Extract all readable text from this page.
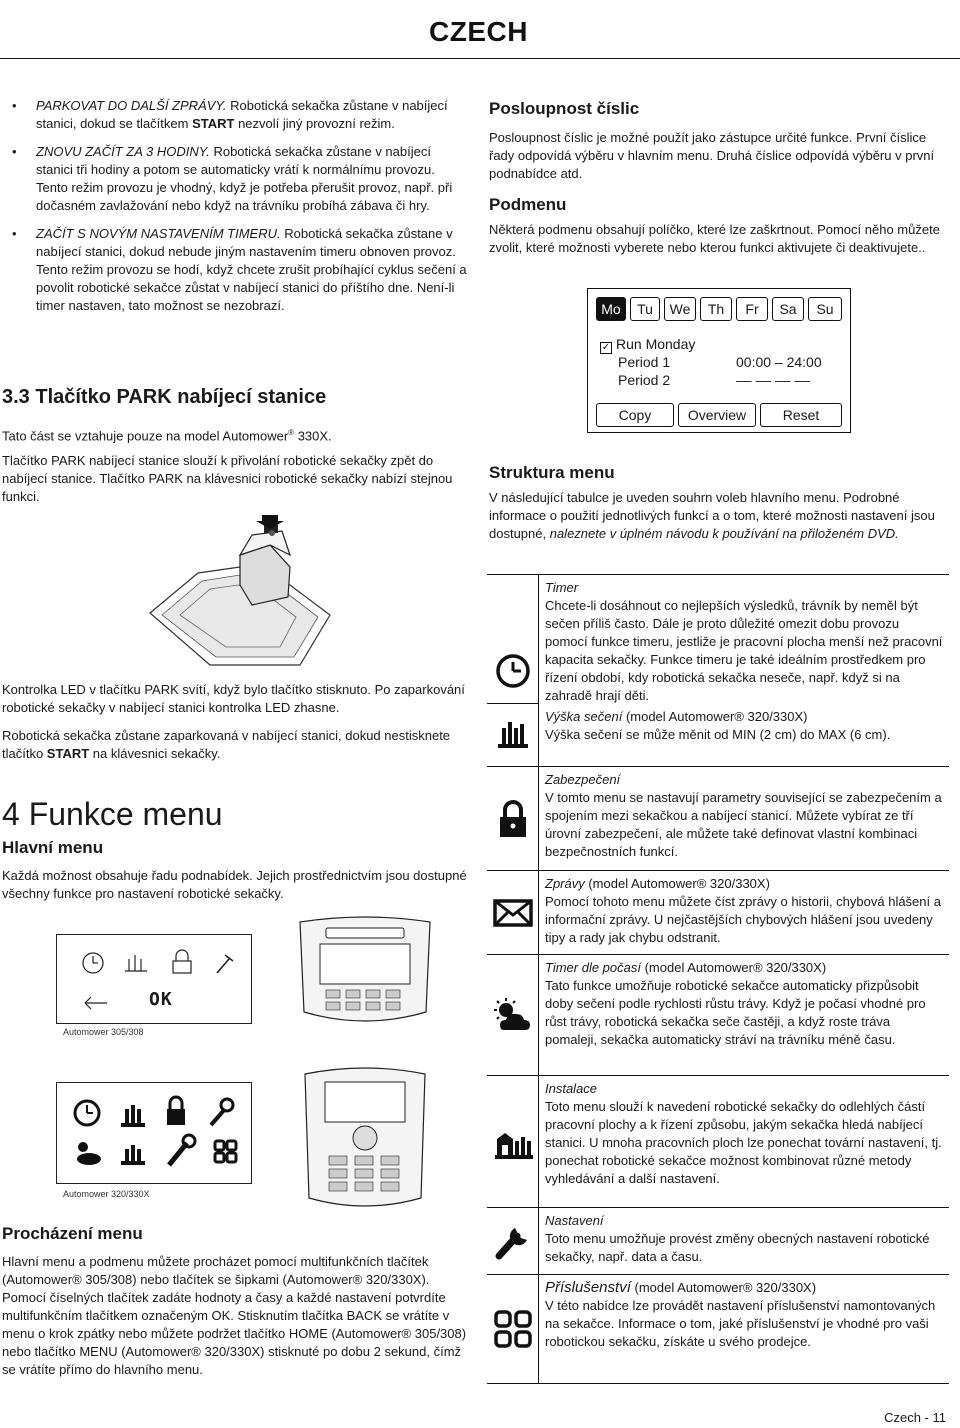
CZECH
• PARKOVAT DO DALŠÍ ZPRÁVY. Robotická sekačka zůstane v nabíjecí stanici, dokud se tlačítkem START nezvolí jiný provozní režim.
• ZNOVU ZAČÍT ZA 3 HODINY. Robotická sekačka zůstane v nabíjecí stanici tři hodiny a potom se automaticky vrátí k normálnímu provozu. Tento režim provozu je vhodný, když je potřeba přerušit provoz, např. při dočasném zavlažování nebo když na trávníku probíhá zábava či hry.
• ZAČÍT S NOVÝM NASTAVENÍM TIMERU. Robotická sekačka zůstane v nabíjecí stanici, dokud nebude jiným nastavením timeru obnoven provoz. Tento režim provozu se hodí, když chcete zrušit probíhající cyklus sečení a povolit robotické sekačce zůstat v nabíjecí stanici do příštího dne. Není-li timer nastaven, tato možnost se nezobrazí.
3.3 Tlačítko PARK nabíjecí stanice
Tato část se vztahuje pouze na model Automower® 330X.
Tlačítko PARK nabíjecí stanice slouží k přivolání robotické sekačky zpět do nabíjecí stanice. Tlačítko PARK na klávesnici robotické sekačky nabízí stejnou funkci.
Kontrolka LED v tlačítku PARK svítí, když bylo tlačítko stisknuto. Po zaparkování robotické sekačky v nabíjecí stanici kontrolka LED zhasne.
Robotická sekačka zůstane zaparkovaná v nabíjecí stanici, dokud nestisknete tlačítko START na klávesnici sekačky.
4 Funkce menu
Hlavní menu
Každá možnost obsahuje řadu podnabídek. Jejich prostřednictvím jsou dostupné všechny funkce pro nastavení robotické sekačky.
OK
Automower 305/308
Automower 320/330X
Procházení menu
Hlavní menu a podmenu můžete procházet pomocí multifunkčních tlačítek (Automower® 305/308) nebo tlačítek se šipkami (Automower® 320/330X). Pomocí číselných tlačítek zadáte hodnoty a časy a každé nastavení potvrdíte multifunkčním tlačítkem označeným OK. Stisknutím tlačítka BACK se vrátíte v menu o krok zpátky nebo můžete podržet tlačítko HOME (Automower® 305/308) nebo tlačítko MENU (Automower® 320/330X) stisknuté po dobu 2 sekund, čímž se vrátíte přímo do hlavního menu.
Posloupnost číslic
Posloupnost číslic je možné použít jako zástupce určité funkce. První číslice řady odpovídá výběru v hlavním menu. Druhá číslice odpovídá výběru v první podnabídce atd.
Podmenu
Některá podmenu obsahují políčko, které lze zaškrtnout. Pomocí něho můžete zvolit, které možnosti vyberete nebo kterou funkci aktivujete či deaktivujete..
Mo	Tu	We	Th	Fr	Sa	Su
✓ Run Monday
Period 1	00:00 – 24:00
Period 2	–– –– –– ––
Copy	Overview	Reset
Struktura menu
V následující tabulce je uveden souhrn voleb hlavního menu. Podrobné informace o použití jednotlivých funkcí a o tom, které možnosti nastavení jsou dostupné, naleznete v úplném návodu k používání na přiloženém DVD.
Timer
Chcete-li dosáhnout co nejlepších výsledků, trávník by neměl být sečen příliš často. Dále je proto důležité omezit dobu provozu pomocí funkce timeru, jestliže je pracovní plocha menší než pracovní kapacita sekačky. Funkce timeru je také ideálním prostředkem pro řízení období, kdy robotická sekačka neseče, např. když si na zahradě hrají děti.
Výška sečení (model Automower® 320/330X)
Výška sečení se může měnit od MIN (2 cm) do MAX (6 cm).
Zabezpečení
V tomto menu se nastavují parametry související se zabezpečením a spojením mezi sekačkou a nabíjecí stanicí. Můžete vybírat ze tří úrovní zabezpečení, ale můžete také definovat vlastní kombinaci bezpečnostních funkcí.
Zprávy (model Automower® 320/330X)
Pomocí tohoto menu můžete číst zprávy o historii, chybová hlášení a informační zprávy. U nejčastějších chybových hlášení jsou uvedeny tipy a rady jak chybu odstranit.
Timer dle počasí (model Automower® 320/330X)
Tato funkce umožňuje robotické sekačce automaticky přizpůsobit doby sečení podle rychlosti růstu trávy. Když je počasí vhodné pro růst trávy, robotická sekačka seče častěji, a když roste tráva pomaleji, sekačka automaticky stráví na trávníku méně času.
Instalace
Toto menu slouží k navedení robotické sekačky do odlehlých částí pracovní plochy a k řízení způsobu, jakým sekačka hledá nabíjecí stanici. U mnoha pracovních ploch lze ponechat tovární nastavení, tj. ponechat robotické sekačce možnost kombinovat různé metody vyhledávání a další nastavení.
Nastavení
Toto menu umožňuje provést změny obecných nastavení robotické sekačky, např. data a času.
Příslušenství (model Automower® 320/330X)
V této nabídce lze provádět nastavení příslušenství namontovaných na sekačce. Informace o tom, jaké příslušenství je vhodné pro vaši robotickou sekačku, získáte u svého prodejce.
Czech - 11
